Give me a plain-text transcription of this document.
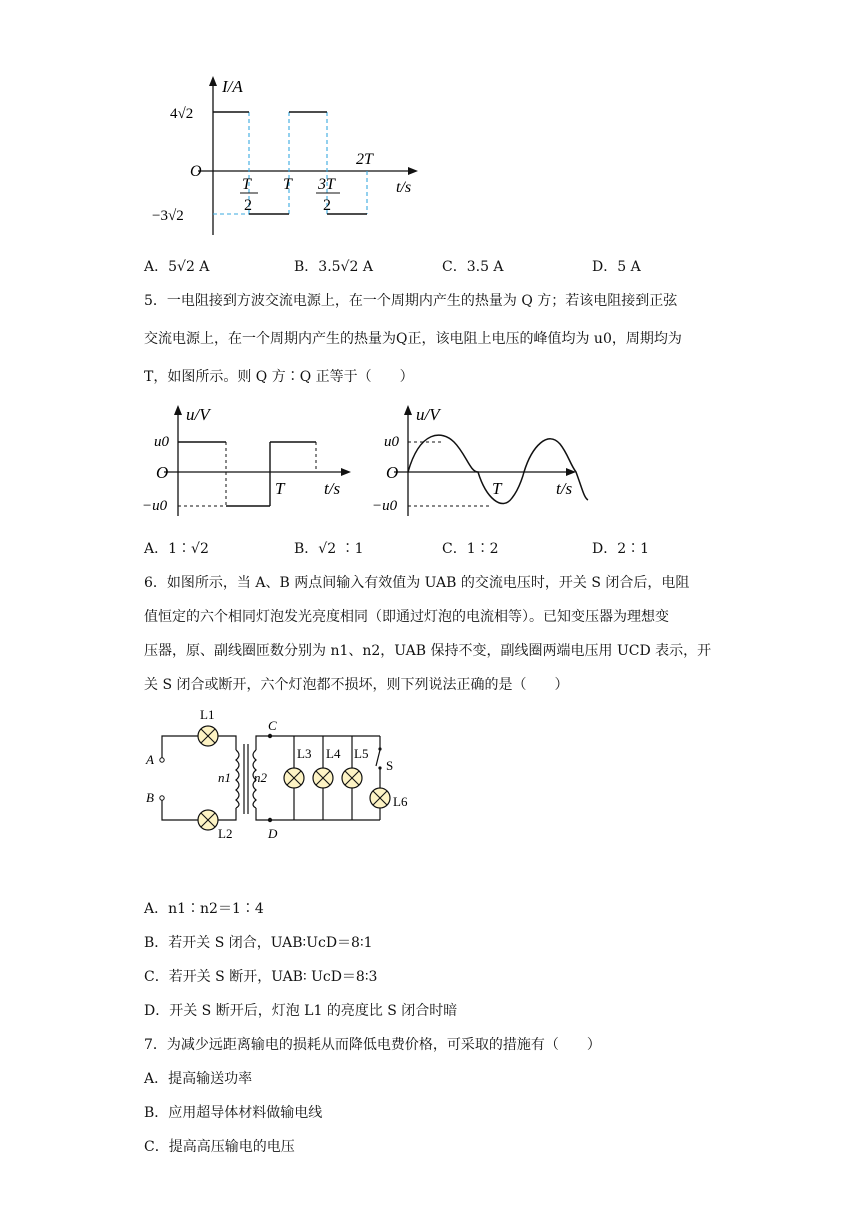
I/A
4√2
O
−3√2
t/s
T
2
T 3T
2
2T
A．5√2 A	B．3.5√2 A	C．3.5 A	D．5 A
5．一电阻接到方波交流电源上，在一个周期内产生的热量为 Q 方；若该电阻接到正弦
交流电源上，在一个周期内产生的热量为Q正，该电阻上电压的峰值均为 u0，周期均为
T，如图所示。则 Q 方∶Q 正等于（　　）
u/V
u0
O
−u0
T t/s
u/V
u0
O
−u0
T	t/s
A．1∶√2	B．√2 ∶1	C．1∶2	D．2∶1
6．如图所示，当 A、B 两点间输入有效值为 UAB 的交流电压时，开关 S 闭合后，电阻
值恒定的六个相同灯泡发光亮度相同（即通过灯泡的电流相等）。已知变压器为理想变
压器，原、副线圈匝数分别为 n1、n2，UAB 保持不变，副线圈两端电压用 UCD 表示，开
关 S 闭合或断开，六个灯泡都不损坏，则下列说法正确的是（　　）
L1
L2
A
B
n1 n2
C
D
L3 L4 L5
S
L6
A．n1∶n2＝1∶4
B．若开关 S 闭合，UAB∶UcD＝8∶1
C．若开关 S 断开，UAB∶ UcD＝8∶3
D．开关 S 断开后，灯泡 L1 的亮度比 S 闭合时暗
7．为减少远距离输电的损耗从而降低电费价格，可采取的措施有（　　）
A．提高输送功率
B．应用超导体材料做输电线
C．提高高压输电的电压
